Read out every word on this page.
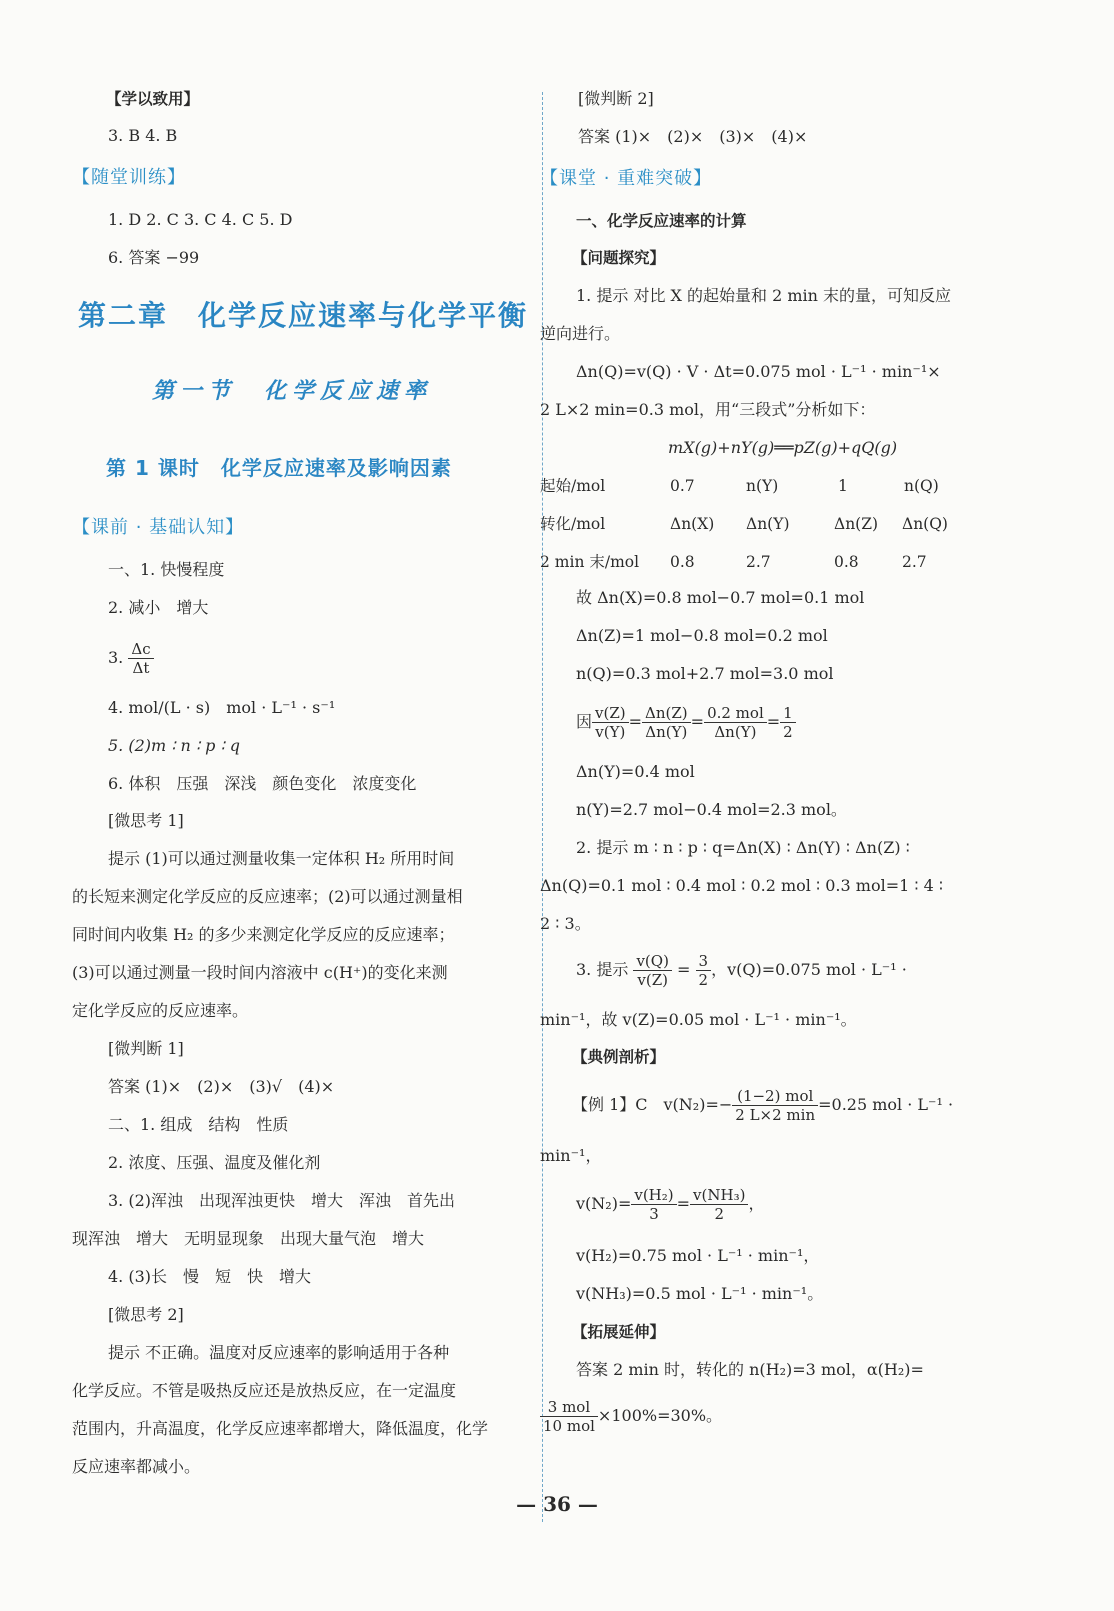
【学以致用】
3. B 4. B
【随堂训练】
1. D 2. C 3. C 4. C 5. D
6. 答案 −99
第二章　化学反应速率与化学平衡
第一节　化学反应速率
第 1 课时　化学反应速率及影响因素
【课前 · 基础认知】
一、1. 快慢程度
2. 减小　增大
3. $\frac{\Delta c}{\Delta t}$
4. mol/(L · s)　mol · L⁻¹ · s⁻¹
5. (2)m ∶ n ∶ p ∶ q
6. 体积　压强　深浅　颜色变化　浓度变化
[微思考 1]
提示 (1)可以通过测量收集一定体积 H₂ 所用时间
的长短来测定化学反应的反应速率；(2)可以通过测量相
同时间内收集 H₂ 的多少来测定化学反应的反应速率；
(3)可以通过测量一段时间内溶液中 c(H⁺)的变化来测
定化学反应的反应速率。
[微判断 1]
答案 (1)×　(2)×　(3)√　(4)×
二、1. 组成　结构　性质
2. 浓度、压强、温度及催化剂
3. (2)浑浊　出现浑浊更快　增大　浑浊　首先出
现浑浊　增大　无明显现象　出现大量气泡　增大
4. (3)长　慢　短　快　增大
[微思考 2]
提示 不正确。温度对反应速率的影响适用于各种
化学反应。不管是吸热反应还是放热反应，在一定温度
范围内，升高温度，化学反应速率都增大，降低温度，化学
反应速率都减小。
[微判断 2]
答案 (1)×　(2)×　(3)×　(4)×
【课堂 · 重难突破】
一、化学反应速率的计算
【问题探究】
1. 提示 对比 X 的起始量和 2 min 末的量，可知反应
逆向进行。
Δn(Q)=v(Q) · V · Δt=0.075 mol · L⁻¹ · min⁻¹×
2 L×2 min=0.3 mol，用“三段式”分析如下：
mX(g)+nY(g)══pZ(g)+qQ(g)
起始/mol	0.7	n(Y)	1	n(Q)
转化/mol	Δn(X) Δn(Y)	Δn(Z) Δn(Q)
2 min 末/mol 0.8	2.7	0.8	2.7
故 Δn(X)=0.8 mol−0.7 mol=0.1 mol
Δn(Z)=1 mol−0.8 mol=0.2 mol
n(Q)=0.3 mol+2.7 mol=3.0 mol
因 $\frac{v(Z)}{v(Y)} = \frac{\Delta n(Z)}{\Delta n(Y)} = \frac{\text{0.2 mol}}{\Delta n(Y)} = \frac{1}{2}$
Δn(Y)=0.4 mol
n(Y)=2.7 mol−0.4 mol=2.3 mol。
2. 提示 m ∶ n ∶ p ∶ q=Δn(X) ∶ Δn(Y) ∶ Δn(Z) ∶
Δn(Q)=0.1 mol ∶ 0.4 mol ∶ 0.2 mol ∶ 0.3 mol=1 ∶ 4 ∶
2 ∶ 3。
3. 提示 $\frac{v(Q)}{v(Z)} = \frac{3}{2}$ ，v(Q)=0.075 mol · L⁻¹ ·
min⁻¹，故 v(Z)=0.05 mol · L⁻¹ · min⁻¹。
【典例剖析】
【例 1】C　$v(N_2)=- \frac{\text{(1−2) mol}}{2 L\times 2 \min} =0.25$ mol · L⁻¹ ·
min⁻¹，
$v(N_2)= \frac{\text{v(H₂)}}{3} = \frac{\text{v(NH₃)}}{2}$ ，
v(H₂)=0.75 mol · L⁻¹ · min⁻¹，
v(NH₃)=0.5 mol · L⁻¹ · min⁻¹。
【拓展延伸】
答案 2 min 时，转化的 n(H₂)=3 mol，α(H₂)=
$\frac{\text{3 mol}}{\text{10 mol}} \times 100\%=30\%$。
— 36 —
